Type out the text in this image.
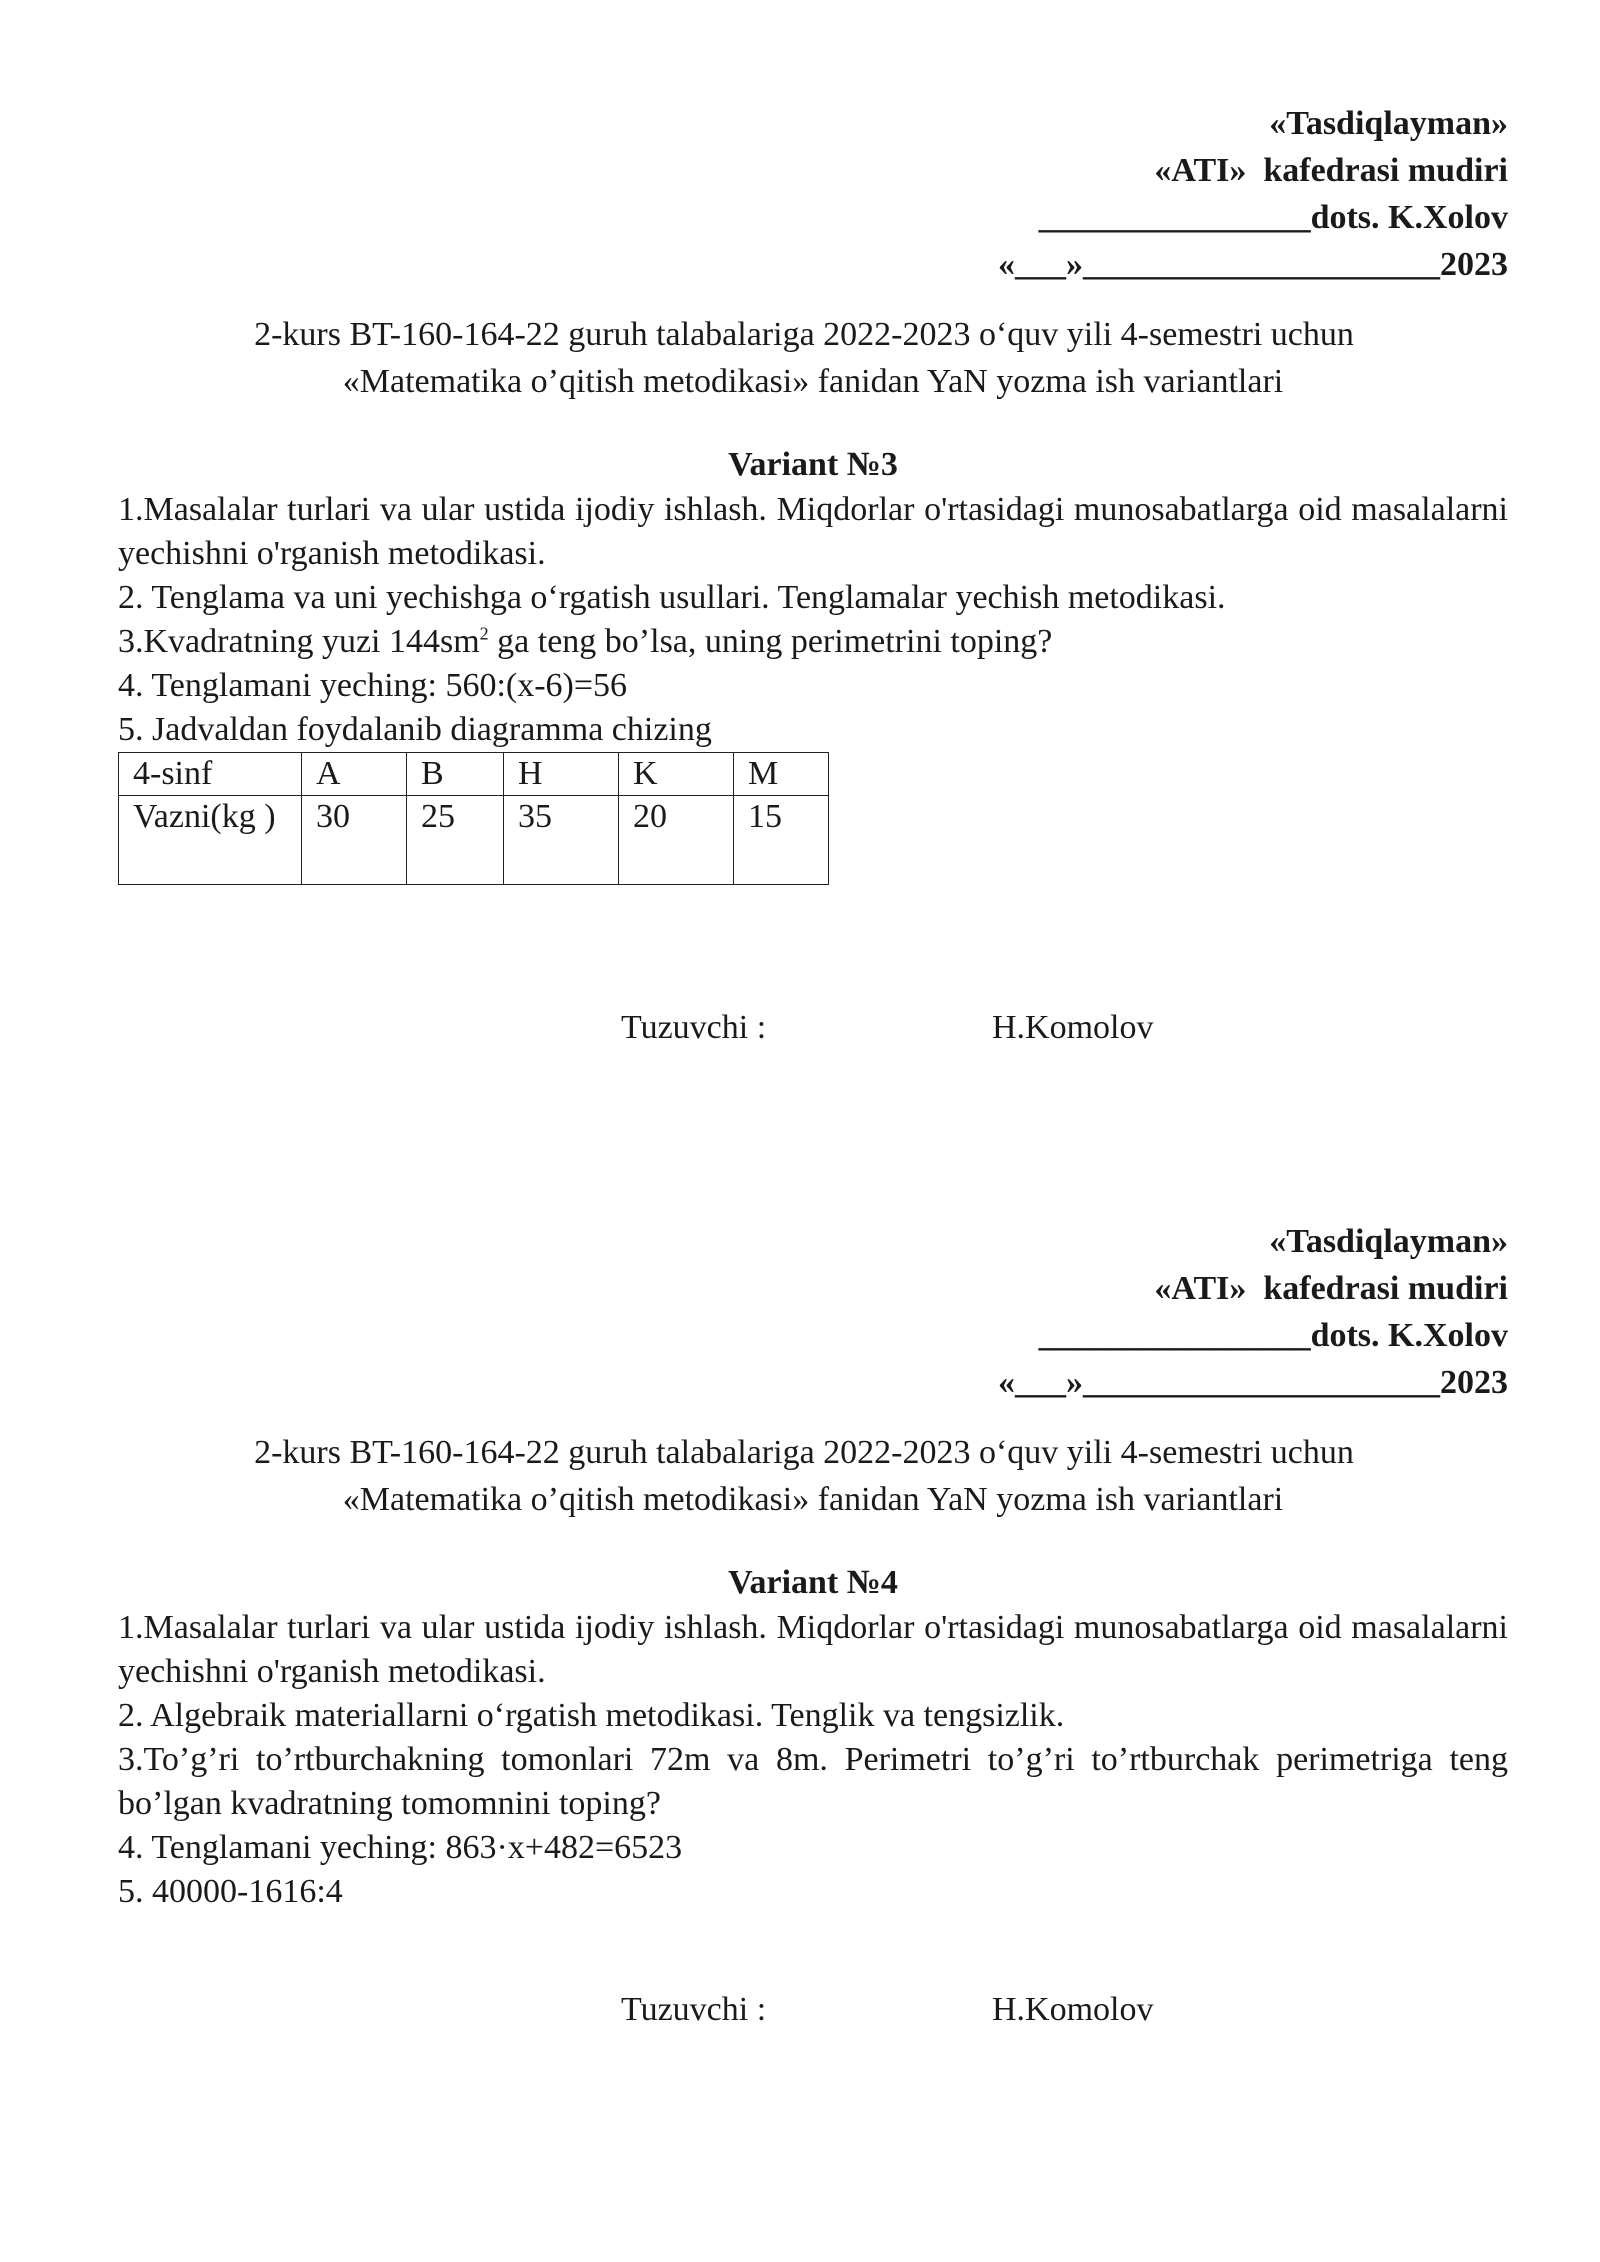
«Tasdiqlayman»
«ATI»  kafedrasi mudiri
________________dots. K.Xolov
«___»_____________________2023
2-kurs BT-160-164-22 guruh talabalariga 2022-2023 o‘quv yili 4-semestri uchun
«Matematika o’qitish metodikasi» fanidan YaN yozma ish variantlari
Variant №3
1.Masalalar turlari va ular ustida ijodiy ishlash. Miqdorlar o'rtasidagi munosabatlarga oid masalalarni yechishni o'rganish metodikasi.
2. Tenglama va uni yechishga o‘rgatish usullari. Tenglamalar yechish metodikasi.
3.Kvadratning yuzi $144sm^2$ ga teng bo’lsa, uning perimetrini toping?
4. Tenglamani yeching: 560:(x-6)=56
5. Jadvaldan foydalanib diagramma chizing
4-sinf	A	B	H	K	M
Vazni(kg )	30	25	35	20	15
Tuzuvchi :	H.Komolov
«Tasdiqlayman»
«ATI»  kafedrasi mudiri
________________dots. K.Xolov
«___»_____________________2023
2-kurs BT-160-164-22 guruh talabalariga 2022-2023 o‘quv yili 4-semestri uchun
«Matematika o’qitish metodikasi» fanidan YaN yozma ish variantlari
Variant №4
1.Masalalar turlari va ular ustida ijodiy ishlash. Miqdorlar o'rtasidagi munosabatlarga oid masalalarni yechishni o'rganish metodikasi.
2. Algebraik materiallarni o‘rgatish metodikasi. Tenglik va tengsizlik.
3.To’g’ri to’rtburchakning tomonlari 72m va 8m. Perimetri to’g’ri to’rtburchak perimetriga teng bo’lgan kvadratning tomomnini toping?
4. Tenglamani yeching: 863·x+482=6523
5. 40000-1616:4
Tuzuvchi :	H.Komolov
